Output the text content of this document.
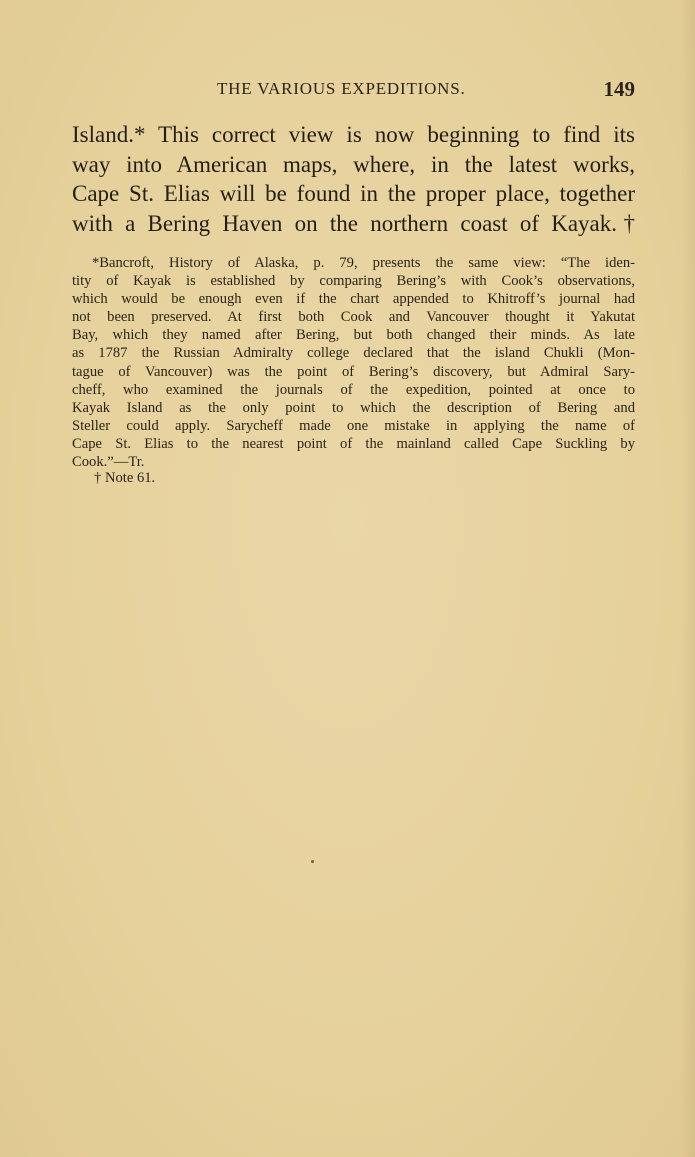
THE VARIOUS EXPEDITIONS.	149
Island.* This correct view is now beginning to find its
way into American maps, where, in the latest works,
Cape St. Elias will be found in the proper place, together
with a Bering Haven on the northern coast of Kayak.†
*Bancroft, History of Alaska, p. 79, presents the same view: “The iden-
tity of Kayak is established by comparing Bering’s with Cook’s observations,
which would be enough even if the chart appended to Khitroff’s journal had
not been preserved. At first both Cook and Vancouver thought it Yakutat
Bay, which they named after Bering, but both changed their minds. As late
as 1787 the Russian Admiralty college declared that the island Chukli (Mon-
tague of Vancouver) was the point of Bering’s discovery, but Admiral Sary-
cheff, who examined the journals of the expedition, pointed at once to
Kayak Island as the only point to which the description of Bering and
Steller could apply. Sarycheff made one mistake in applying the name of
Cape St. Elias to the nearest point of the mainland called Cape Suckling by
Cook.”—Tr.
† Note 61.
